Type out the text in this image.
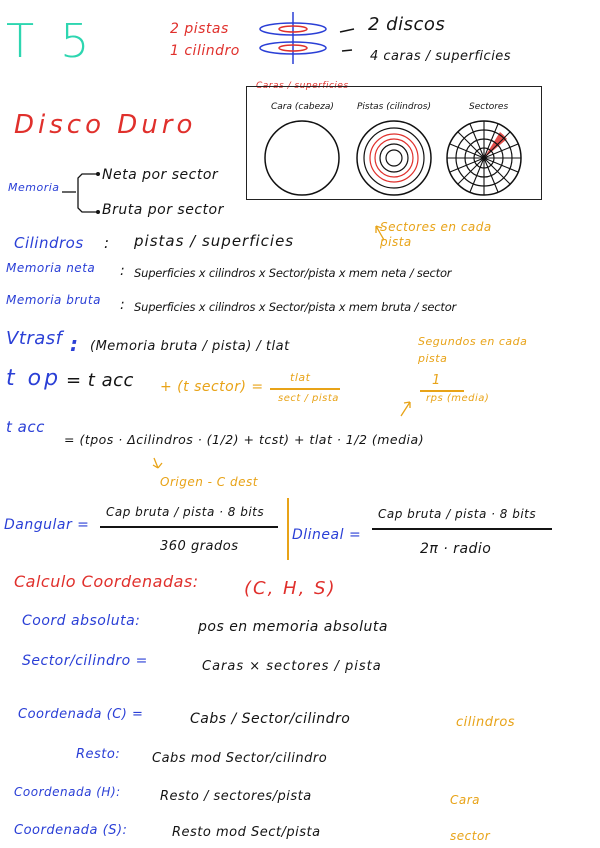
T5	2 pistas
1 cilindro
2 discos
4 caras / superficies
Disco Duro
Caras / superficies
Cara (cabeza)	Pistas (cilindros)	Sectores
Memoria
Neta por sector
Bruta por sector
Sectores en cada pista
Cilindros : pistas / superficies
Memoria neta : Superficies x cilindros x Sector/pista x mem neta / sector
Memoria bruta : Superficies x cilindros x Sector/pista x mem bruta / sector
Vtrasf : (Memoria bruta / pista) / tlat	Segundos en cada pista
t op = t acc + (t sector) =
tlat
sect / pista
1
rps (media)
t acc
= (tpos · Δcilindros · (1/2) + tcst) + tlat · 1/2 (media)
Origen - C dest
Dangular =
Cap bruta / pista · 8 bits
360 grados
Dlineal =
Cap bruta / pista · 8 bits
2π · radio
Calculo Coordenadas:	(C, H, S)
Coord absoluta:	pos en memoria absoluta
Sector/cilindro =	Caras × sectores / pista
Coordenada (C) =	Cabs / Sector/cilindro	cilindros
Resto: Cabs mod Sector/cilindro
Coordenada (H):	Resto / sectores/pista	Cara
Coordenada (S):	Resto mod Sect/pista	sector
